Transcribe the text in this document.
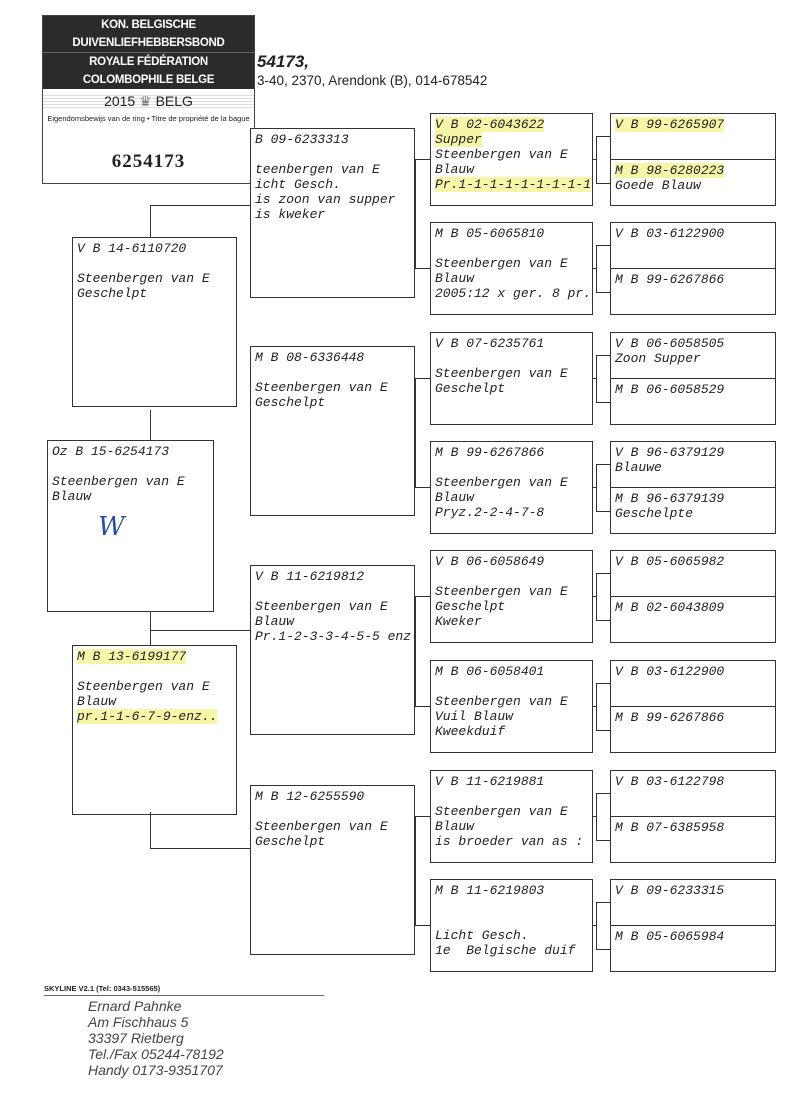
KON. BELGISCHE DUIVENLIEFHEBBERSBOND
ROYALE FÉDÉRATION COLOMBOPHILE BELGE
2015 ♛ BELG
Eigendomsbewijs van de ring • Titre de propriété de la bague
6254173
54173,
3-40, 2370, Arendonk (B), 014-678542
Oz B 15-6254173

Steenbergen van E
Blauw
V B 14-6110720

Steenbergen van E
Geschelpt
M B 13-6199177

Steenbergen van E
Blauw
pr.1-1-6-7-9-enz..

B 09-6233313

teenbergen van E
icht Gesch.
is zoon van supper
is kweker
M B 08-6336448

Steenbergen van E
Geschelpt
V B 11-6219812

Steenbergen van E
Blauw
Pr.1-2-3-3-4-5-5 enz
M B 12-6255590

Steenbergen van E
Geschelpt
V B 02-6043622
Supper

Steenbergen van E
Blauw
Pr.1-1-1-1-1-1-1-1-1

M B 05-6065810

Steenbergen van E
Blauw
2005:12 x ger. 8 pr.
V B 07-6235761

Steenbergen van E
Geschelpt
M B 99-6267866

Steenbergen van E
Blauw
Pryz.2-2-4-7-8
V B 06-6058649

Steenbergen van E
Geschelpt
Kweker
M B 06-6058401

Steenbergen van E
Vuil Blauw
Kweekduif
V B 11-6219881

Steenbergen van E
Blauw
is broeder van as :
M B 11-6219803

Licht Gesch.
1e  Belgische duif
V B 99-6265907
M B 98-6280223
Goede Blauw
V B 03-6122900
M B 99-6267866
V B 06-6058505
Zoon Supper
M B 06-6058529
V B 96-6379129
Blauwe
M B 96-6379139
Geschelpte
V B 05-6065982
M B 02-6043809
V B 03-6122900
M B 99-6267866
V B 03-6122798
M B 07-6385958
V B 09-6233315
M B 05-6065984
W
SKYLINE V2.1 (Tel: 0343-515565)
Ernard Pahnke
Am Fischhaus 5
33397 Rietberg
Tel./Fax 05244-78192
Handy 0173-9351707
